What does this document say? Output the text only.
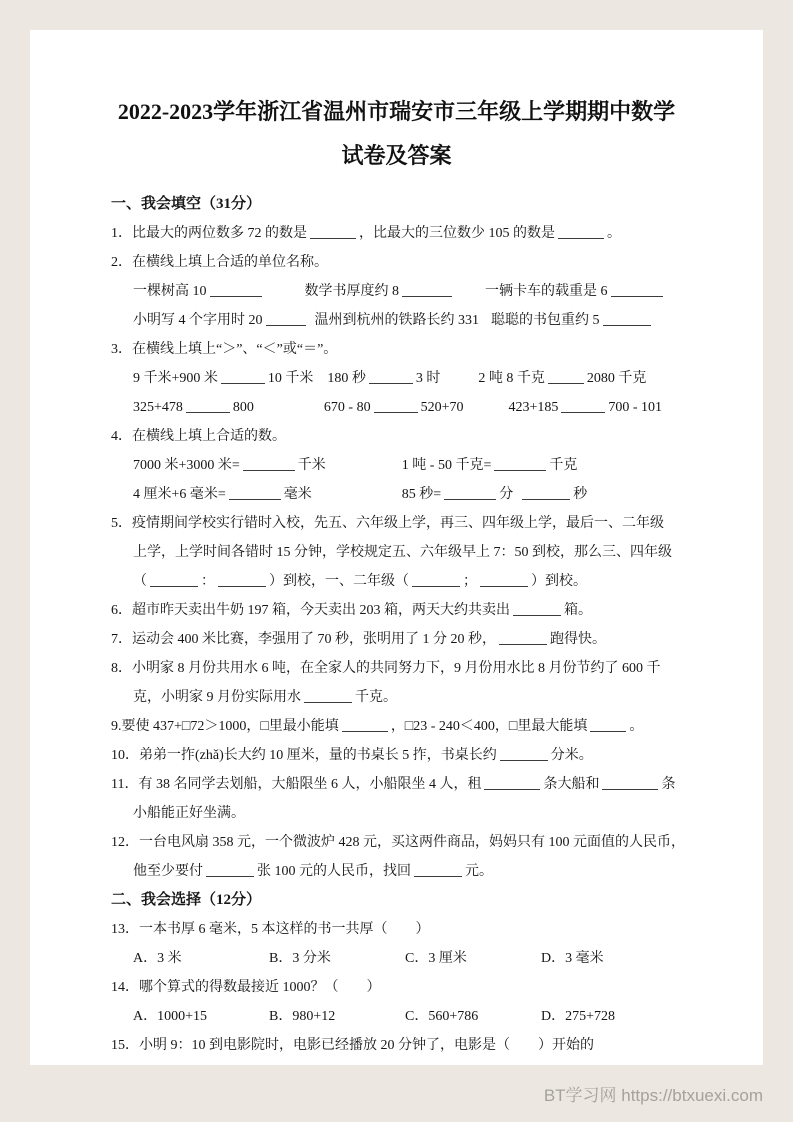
2022-2023学年浙江省温州市瑞安市三年级上学期期中数学
试卷及答案
一、我会填空（31分）
1．比最大的两位数多 72 的数是	，比最大的三位数少 105 的数是	。
2．在横线上填上合适的单位名称。
一棵树高 10	数学书厚度约 8	一辆卡车的载重是 6
小明写 4 个字用时 20	温州到杭州的铁路长约 331 聪聪的书包重约 5
3．在横线上填上“＞”、“＜”或“＝”。
9 千米+900 米	10 千米 180 秒	3 时	2 吨 8 千克	2080 千克
325+478	800	670 - 80	520+70	423+185	700 - 101
4．在横线上填上合适的数。
7000 米+3000 米=	千米	1 吨 - 50 千克=	千克
4 厘米+6 毫米=	毫米	85 秒=	分	秒
5．疫情期间学校实行错时入校，先五、六年级上学，再三、四年级上学，最后一、二年级
上学，上学时间各错时 15 分钟，学校规定五、六年级早上 7：50 到校，那么三、四年级
（	：	）到校，一、二年级（	；	）到校。
6．超市昨天卖出牛奶 197 箱，今天卖出 203 箱，两天大约共卖出	箱。
7．运动会 400 米比赛，李强用了 70 秒，张明用了 1 分 20 秒，	跑得快。
8．小明家 8 月份共用水 6 吨，在全家人的共同努力下，9 月份用水比 8 月份节约了 600 千
克，小明家 9 月份实际用水	千克。
9.要使 437+□72＞1000，□里最小能填	，□23 - 240＜400，□里最大能填	。
10．弟弟一拃(zhǎ)长大约 10 厘米，量的书桌长 5 拃，书桌长约	分米。
11．有 38 名同学去划船，大船限坐 6 人，小船限坐 4 人，租	条大船和	条
小船能正好坐满。
12．一台电风扇 358 元，一个微波炉 428 元，买这两件商品，妈妈只有 100 元面值的人民币，
他至少要付	张 100 元的人民币，找回	元。
二、我会选择（12分）
13．一本书厚 6 毫米，5 本这样的书一共厚（　　）
A．3 米	B．3 分米	C．3 厘米	D．3 毫米
14．哪个算式的得数最接近 1000？（　　）
A．1000+15	B．980+12	C．560+786	D．275+728
15．小明 9：10 到电影院时，电影已经播放 20 分钟了，电影是（　　）开始的
BT学习网 https://btxuexi.com
